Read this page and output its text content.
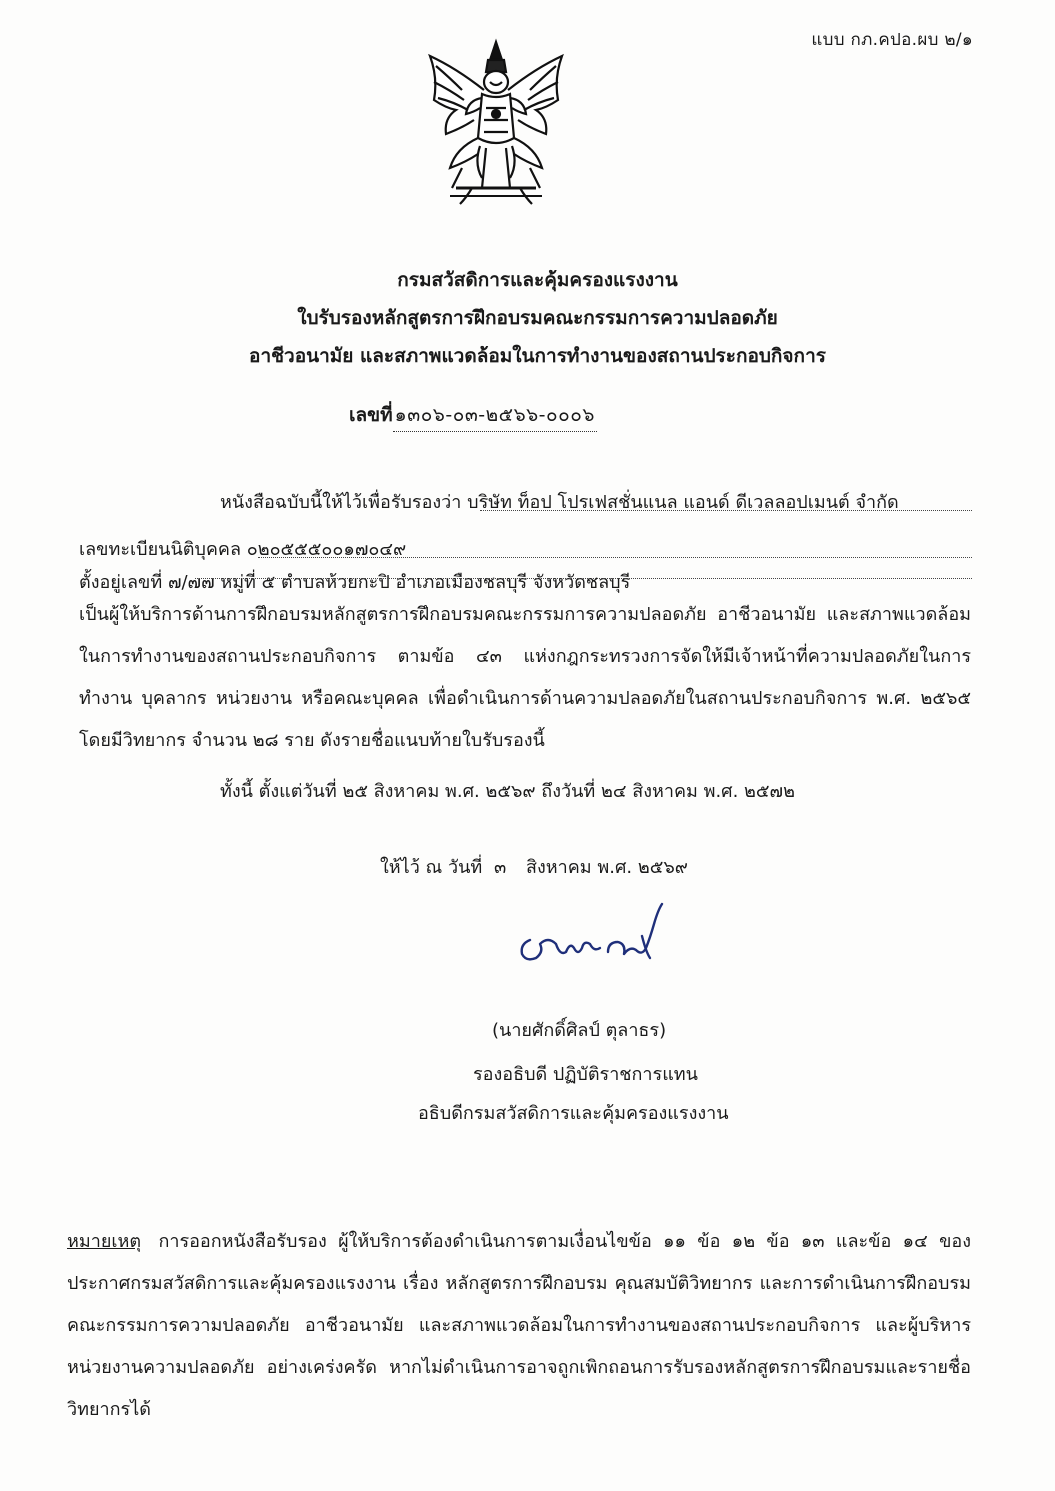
แบบ กภ.คปอ.ผบ ๒/๑
กรมสวัสดิการและคุ้มครองแรงงาน
ใบรับรองหลักสูตรการฝึกอบรมคณะกรรมการความปลอดภัย
อาชีวอนามัย และสภาพแวดล้อมในการทำงานของสถานประกอบกิจการ
เลขที่ ๑๓๐๖-๐๓-๒๕๖๖-๐๐๐๖
หนังสือฉบับนี้ให้ไว้เพื่อรับรองว่า บริษัท ท็อป โปรเฟสชั่นแนล แอนด์ ดีเวลลอปเมนต์ จำกัด
เลขทะเบียนนิติบุคคล ๐๒๐๕๕๕๐๐๑๗๐๔๙
ตั้งอยู่เลขที่ ๗/๗๗ หมู่ที่ ๕ ตำบลห้วยกะปิ อำเภอเมืองชลบุรี จังหวัดชลบุรี
เป็นผู้ให้บริการด้านการฝึกอบรมหลักสูตรการฝึกอบรมคณะกรรมการความปลอดภัย อาชีวอนามัย และสภาพแวดล้อมในการทำงานของสถานประกอบกิจการ ตามข้อ ๔๓ แห่งกฎกระทรวงการจัดให้มีเจ้าหน้าที่ความปลอดภัยในการทำงาน บุคลากร หน่วยงาน หรือคณะบุคคล เพื่อดำเนินการด้านความปลอดภัยในสถานประกอบกิจการ พ.ศ. ๒๕๖๕ โดยมีวิทยากร จำนวน ๒๘ ราย ดังรายชื่อแนบท้ายใบรับรองนี้
ทั้งนี้ ตั้งแต่วันที่ ๒๕ สิงหาคม พ.ศ. ๒๕๖๙ ถึงวันที่ ๒๔ สิงหาคม พ.ศ. ๒๕๗๒
ให้ไว้ ณ วันที่ ๓ สิงหาคม พ.ศ. ๒๕๖๙
(นายศักดิ์ศิลป์ ตุลาธร)
รองอธิบดี ปฏิบัติราชการแทน
อธิบดีกรมสวัสดิการและคุ้มครองแรงงาน
หมายเหตุ การออกหนังสือรับรอง ผู้ให้บริการต้องดำเนินการตามเงื่อนไขข้อ ๑๑ ข้อ ๑๒ ข้อ ๑๓ และข้อ ๑๔ ของประกาศกรมสวัสดิการและคุ้มครองแรงงาน เรื่อง หลักสูตรการฝึกอบรม คุณสมบัติวิทยากร และการดำเนินการฝึกอบรมคณะกรรมการความปลอดภัย อาชีวอนามัย และสภาพแวดล้อมในการทำงานของสถานประกอบกิจการ และผู้บริหารหน่วยงานความปลอดภัย อย่างเคร่งครัด หากไม่ดำเนินการอาจถูกเพิกถอนการรับรองหลักสูตรการฝึกอบรมและรายชื่อวิทยากรได้
